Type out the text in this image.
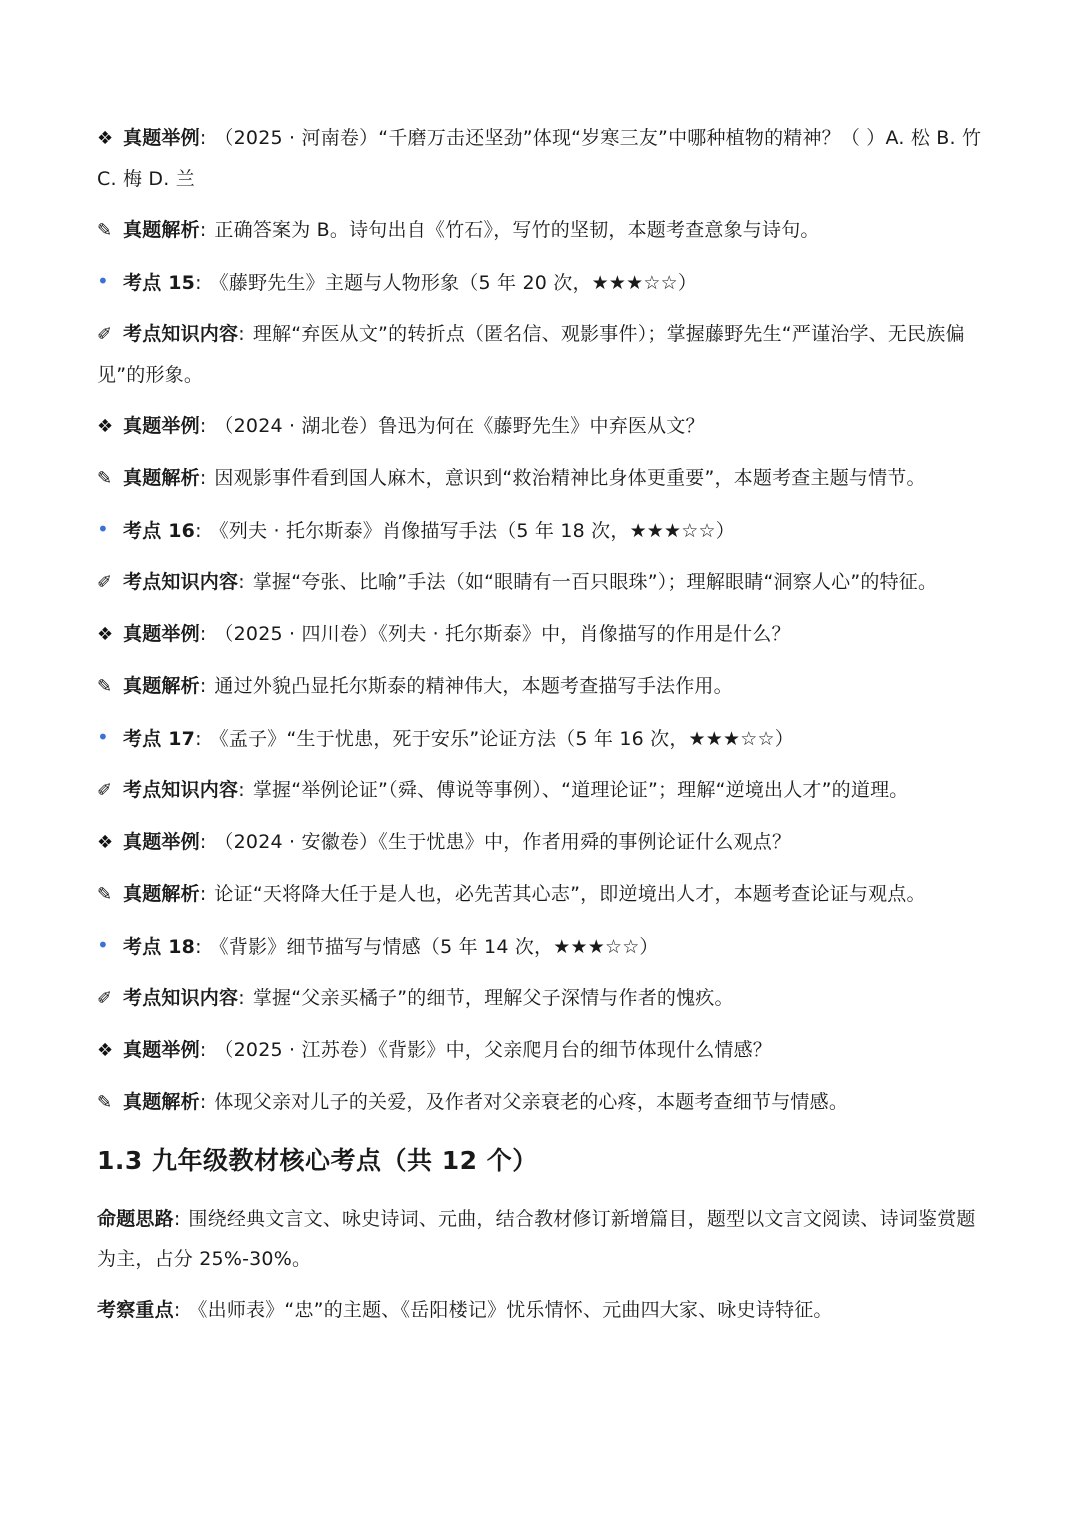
❖ 真题举例: （2025 · 河南卷）“千磨万击还坚劲”体现“岁寒三友”中哪种植物的精神？（ ）A. 松 B. 竹 C. 梅 D. 兰

✎ 真题解析: 正确答案为 B。诗句出自《竹石》，写竹的坚韧，本题考查意象与诗句。

• 考点 15: 《藤野先生》主题与人物形象（5 年 20 次，★★★☆☆）

✐ 考点知识内容: 理解“弃医从文”的转折点（匿名信、观影事件）；掌握藤野先生“严谨治学、无民族偏见”的形象。

❖ 真题举例: （2024 · 湖北卷）鲁迅为何在《藤野先生》中弃医从文？

✎ 真题解析: 因观影事件看到国人麻木，意识到“救治精神比身体更重要”，本题考查主题与情节。

• 考点 16: 《列夫 · 托尔斯泰》肖像描写手法（5 年 18 次，★★★☆☆）

✐ 考点知识内容: 掌握“夸张、比喻”手法（如“眼睛有一百只眼珠”）；理解眼睛“洞察人心”的特征。

❖ 真题举例: （2025 · 四川卷）《列夫 · 托尔斯泰》中，肖像描写的作用是什么？

✎ 真题解析: 通过外貌凸显托尔斯泰的精神伟大，本题考查描写手法作用。

• 考点 17: 《孟子》“生于忧患，死于安乐”论证方法（5 年 16 次，★★★☆☆）

✐ 考点知识内容: 掌握“举例论证”（舜、傅说等事例）、“道理论证”；理解“逆境出人才”的道理。

❖ 真题举例: （2024 · 安徽卷）《生于忧患》中，作者用舜的事例论证什么观点？

✎ 真题解析: 论证“天将降大任于是人也，必先苦其心志”，即逆境出人才，本题考查论证与观点。

• 考点 18: 《背影》细节描写与情感（5 年 14 次，★★★☆☆）

✐ 考点知识内容: 掌握“父亲买橘子”的细节，理解父子深情与作者的愧疚。

❖ 真题举例: （2025 · 江苏卷）《背影》中，父亲爬月台的细节体现什么情感？

✎ 真题解析: 体现父亲对儿子的关爱，及作者对父亲衰老的心疼，本题考查细节与情感。

1.3 九年级教材核心考点（共 12 个）

命题思路: 围绕经典文言文、咏史诗词、元曲，结合教材修订新增篇目，题型以文言文阅读、诗词鉴赏题为主，占分 25%-30%。

考察重点: 《出师表》“忠”的主题、《岳阳楼记》忧乐情怀、元曲四大家、咏史诗特征。
